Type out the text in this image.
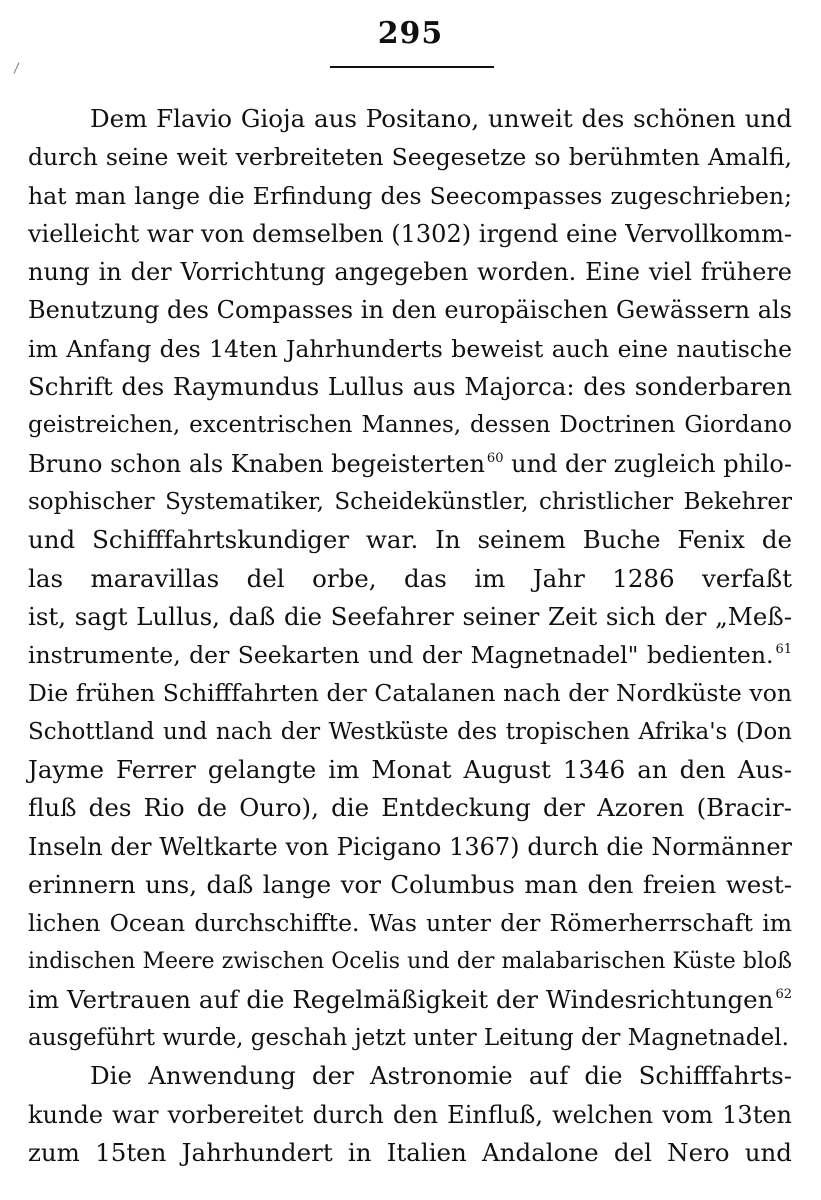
295
Dem Flavio Gioja aus Positano, unweit des schönen und
durch seine weit verbreiteten Seegesetze so berühmten Amalfi,
hat man lange die Erfindung des Seecompasses zugeschrieben;
vielleicht war von demselben (1302) irgend eine Vervollkomm-
nung in der Vorrichtung angegeben worden. Eine viel frühere
Benutzung des Compasses in den europäischen Gewässern als
im Anfang des 14ten Jahrhunderts beweist auch eine nautische
Schrift des Raymundus Lullus aus Majorca: des sonderbaren
geistreichen, excentrischen Mannes, dessen Doctrinen Giordano
Bruno schon als Knaben begeisterten $^{60}$ und der zugleich philo-
sophischer Systematiker, Scheidekünstler, christlicher Bekehrer
und Schifffahrtskundiger war. In seinem Buche Fenix de
las maravillas del orbe, das im Jahr 1286 verfaßt
ist, sagt Lullus, daß die Seefahrer seiner Zeit sich der „Meß-
instrumente, der Seekarten und der Magnetnadel" bedienten. $^{61}$
Die frühen Schifffahrten der Catalanen nach der Nordküste von
Schottland und nach der Westküste des tropischen Afrika's (Don
Jayme Ferrer gelangte im Monat August 1346 an den Aus-
fluß des Rio de Ouro), die Entdeckung der Azoren (Bracir-
Inseln der Weltkarte von Picigano 1367) durch die Normänner
erinnern uns, daß lange vor Columbus man den freien west-
lichen Ocean durchschiffte. Was unter der Römerherrschaft im
indischen Meere zwischen Ocelis und der malabarischen Küste bloß
im Vertrauen auf die Regelmäßigkeit der Windesrichtungen $^{62}$
ausgeführt wurde, geschah jetzt unter Leitung der Magnetnadel.
Die Anwendung der Astronomie auf die Schifffahrts-
kunde war vorbereitet durch den Einfluß, welchen vom 13ten
zum 15ten Jahrhundert in Italien Andalone del Nero und
